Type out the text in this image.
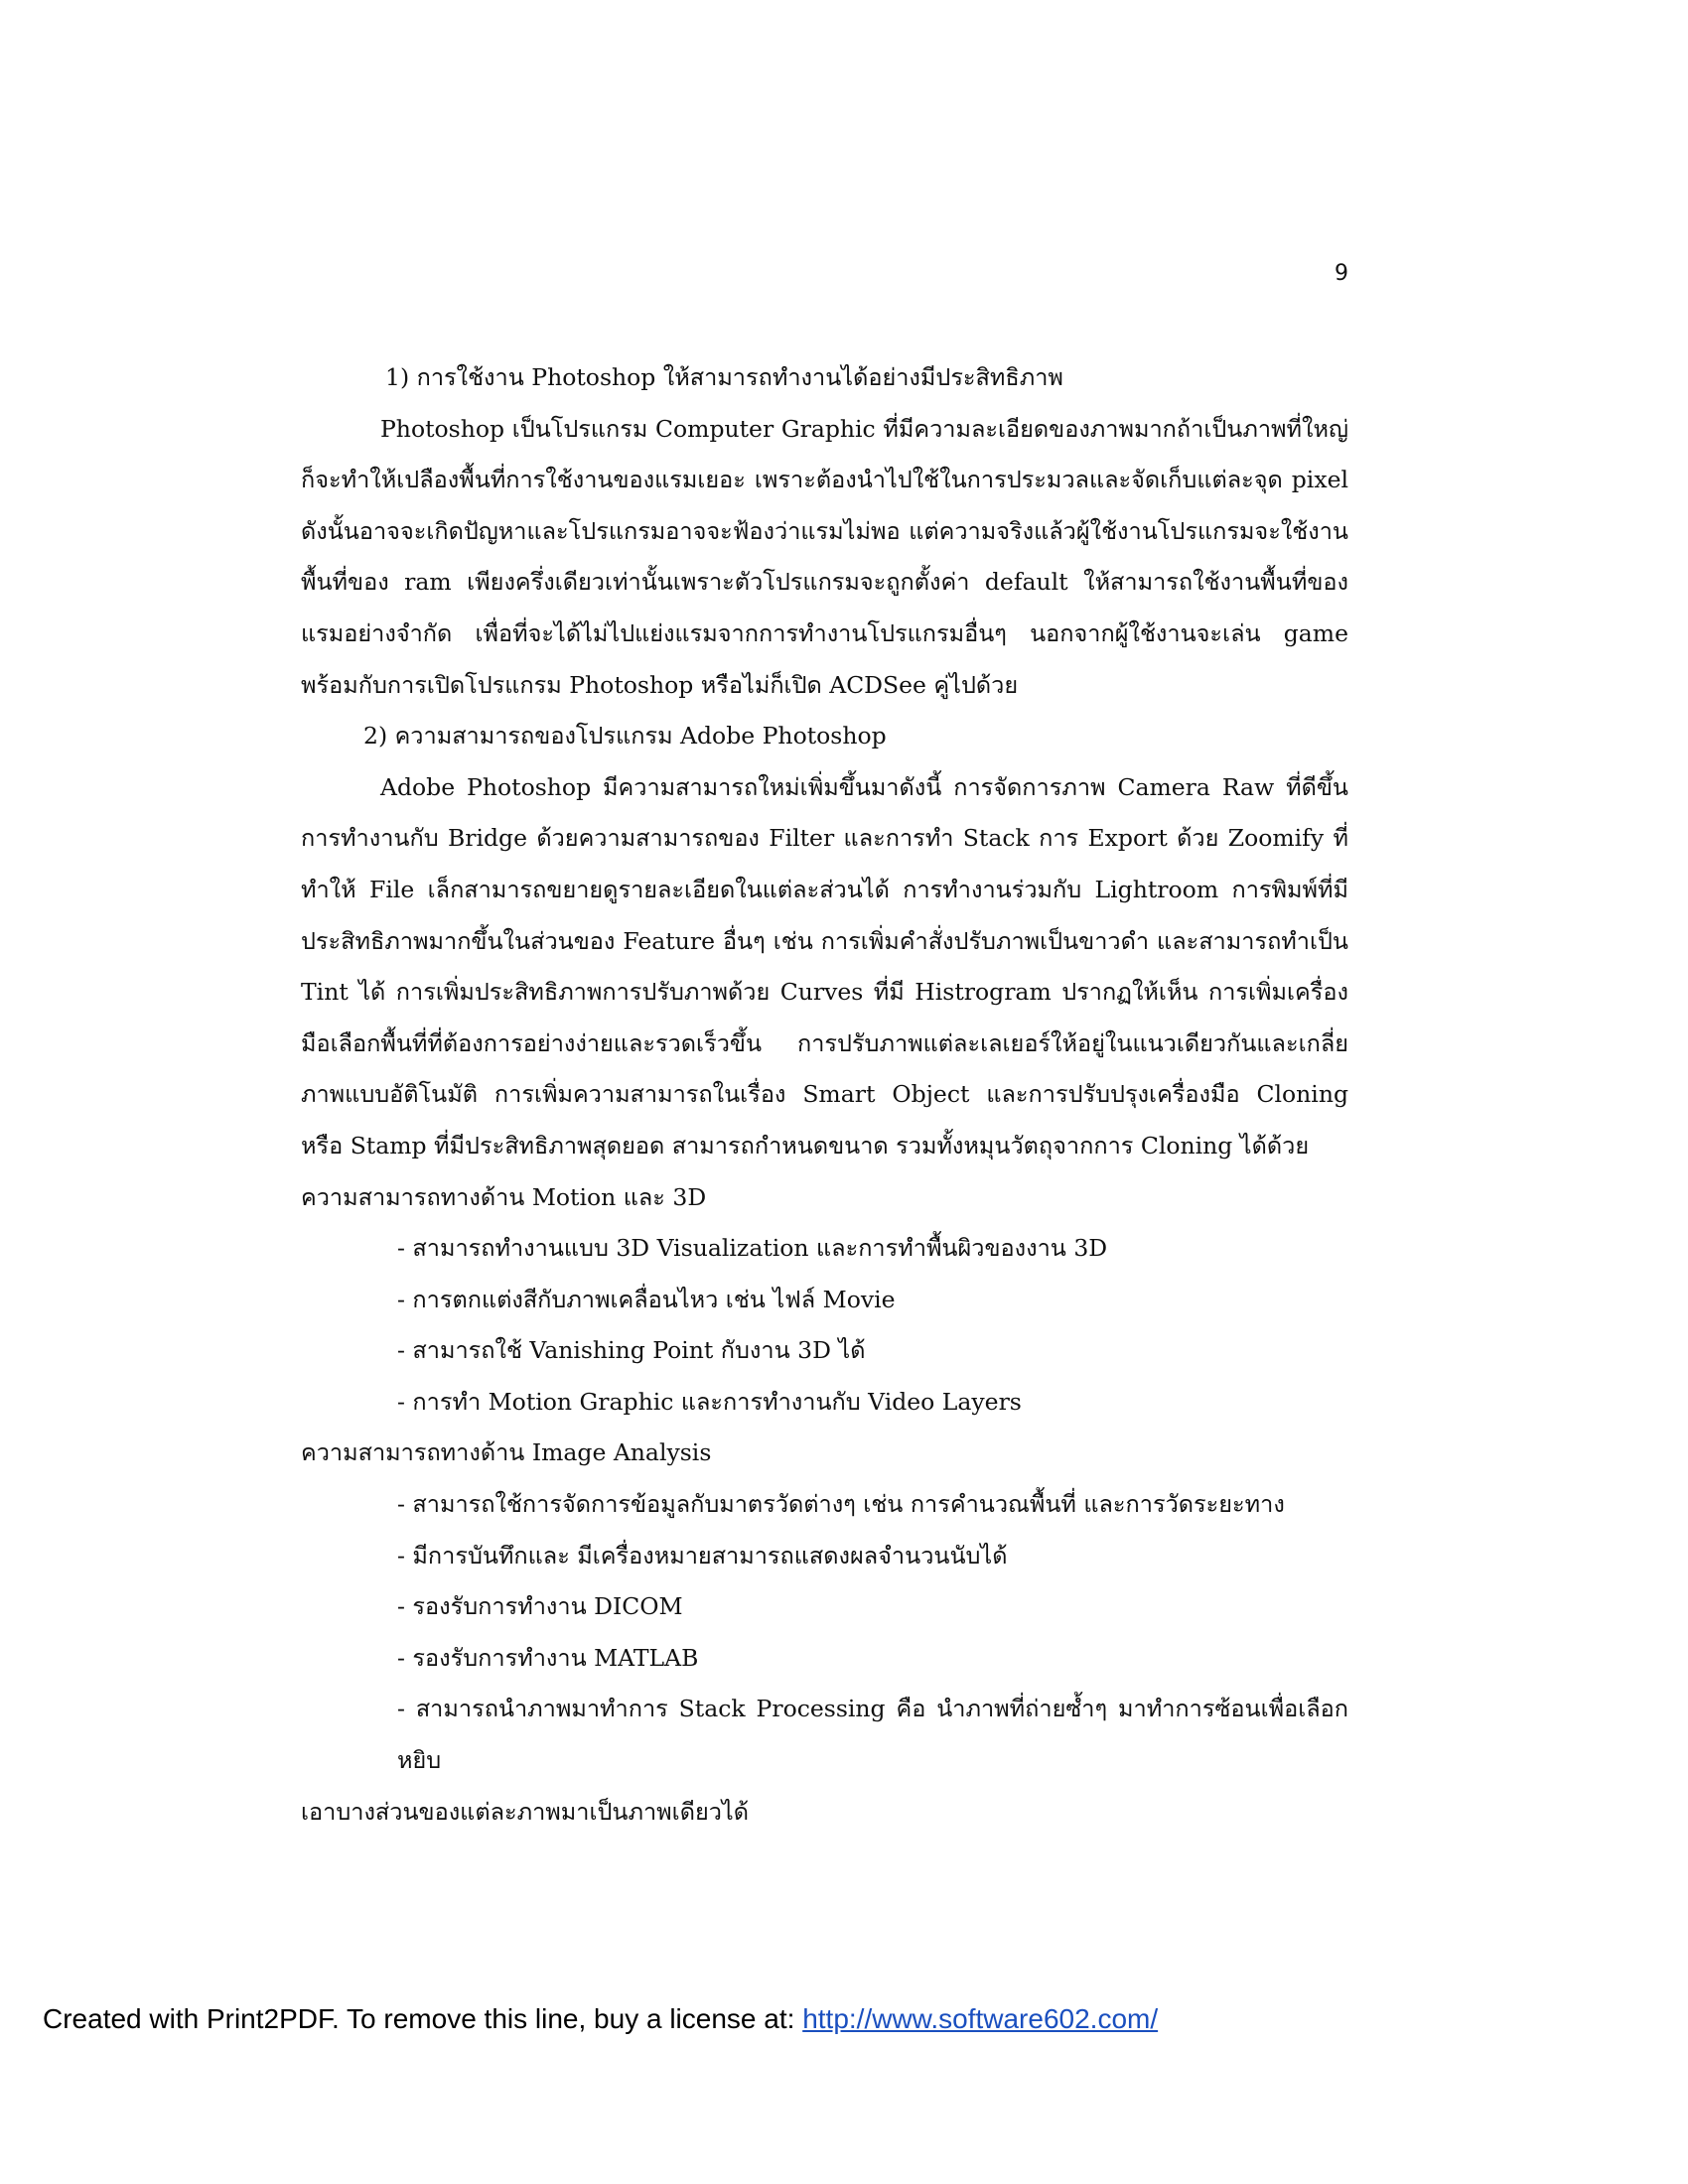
9

1) การใช้งาน Photoshop ให้สามารถทำงานได้อย่างมีประสิทธิภาพ

Photoshop เป็นโปรแกรม Computer Graphic ที่มีความละเอียดของภาพมากถ้าเป็นภาพที่ใหญ่ ก็จะทำให้เปลืองพื้นที่การใช้งานของแรมเยอะ เพราะต้องนำไปใช้ในการประมวลและจัดเก็บแต่ละจุด pixel ดังนั้นอาจจะเกิดปัญหาและโปรแกรมอาจจะฟ้องว่าแรมไม่พอ แต่ความจริงแล้วผู้ใช้งานโปรแกรมจะใช้งานพื้นที่ของ ram เพียงครึ่งเดียวเท่านั้นเพราะตัวโปรแกรมจะถูกตั้งค่า default ให้สามารถใช้งานพื้นที่ของแรมอย่างจำกัด เพื่อที่จะได้ไม่ไปแย่งแรมจากการทำงานโปรแกรมอื่นๆ นอกจากผู้ใช้งานจะเล่น game พร้อมกับการเปิดโปรแกรม Photoshop หรือไม่ก็เปิด ACDSee คู่ไปด้วย

2) ความสามารถของโปรแกรม Adobe Photoshop

Adobe Photoshop มีความสามารถใหม่เพิ่มขึ้นมาดังนี้ การจัดการภาพ Camera Raw ที่ดีขึ้น การทำงานกับ Bridge ด้วยความสามารถของ Filter และการทำ Stack การ Export ด้วย Zoomify ที่ทำให้ File เล็กสามารถขยายดูรายละเอียดในแต่ละส่วนได้ การทำงานร่วมกับ Lightroom การพิมพ์ที่มีประสิทธิภาพมากขึ้นในส่วนของ Feature อื่นๆ เช่น การเพิ่มคำสั่งปรับภาพเป็นขาวดำ และสามารถทำเป็น Tint ได้ การเพิ่มประสิทธิภาพการปรับภาพด้วย Curves ที่มี Histrogram ปรากฏให้เห็น การเพิ่มเครื่องมือเลือกพื้นที่ที่ต้องการอย่างง่ายและรวดเร็วขึ้น การปรับภาพแต่ละเลเยอร์ให้อยู่ในแนวเดียวกันและเกลี่ยภาพแบบอัติโนมัติ การเพิ่มความสามารถในเรื่อง Smart Object และการปรับปรุงเครื่องมือ Cloning หรือ Stamp ที่มีประสิทธิภาพสุดยอด สามารถกำหนดขนาด รวมทั้งหมุนวัตถุจากการ Cloning ได้ด้วย

ความสามารถทางด้าน Motion และ 3D

- สามารถทำงานแบบ 3D Visualization และการทำพื้นผิวของงาน 3D
- การตกแต่งสีกับภาพเคลื่อนไหว เช่น ไฟล์ Movie
- สามารถใช้ Vanishing Point กับงาน 3D ได้
- การทำ Motion Graphic และการทำงานกับ Video Layers

ความสามารถทางด้าน Image Analysis

- สามารถใช้การจัดการข้อมูลกับมาตรวัดต่างๆ เช่น การคำนวณพื้นที่ และการวัดระยะทาง
- มีการบันทึกและ มีเครื่องหมายสามารถแสดงผลจำนวนนับได้
- รองรับการทำงาน DICOM
- รองรับการทำงาน MATLAB
- สามารถนำภาพมาทำการ Stack Processing คือ นำภาพที่ถ่ายซ้ำๆ มาทำการซ้อนเพื่อเลือกหยิบ

เอาบางส่วนของแต่ละภาพมาเป็นภาพเดียวได้

Created with Print2PDF. To remove this line, buy a license at: http://www.software602.com/
